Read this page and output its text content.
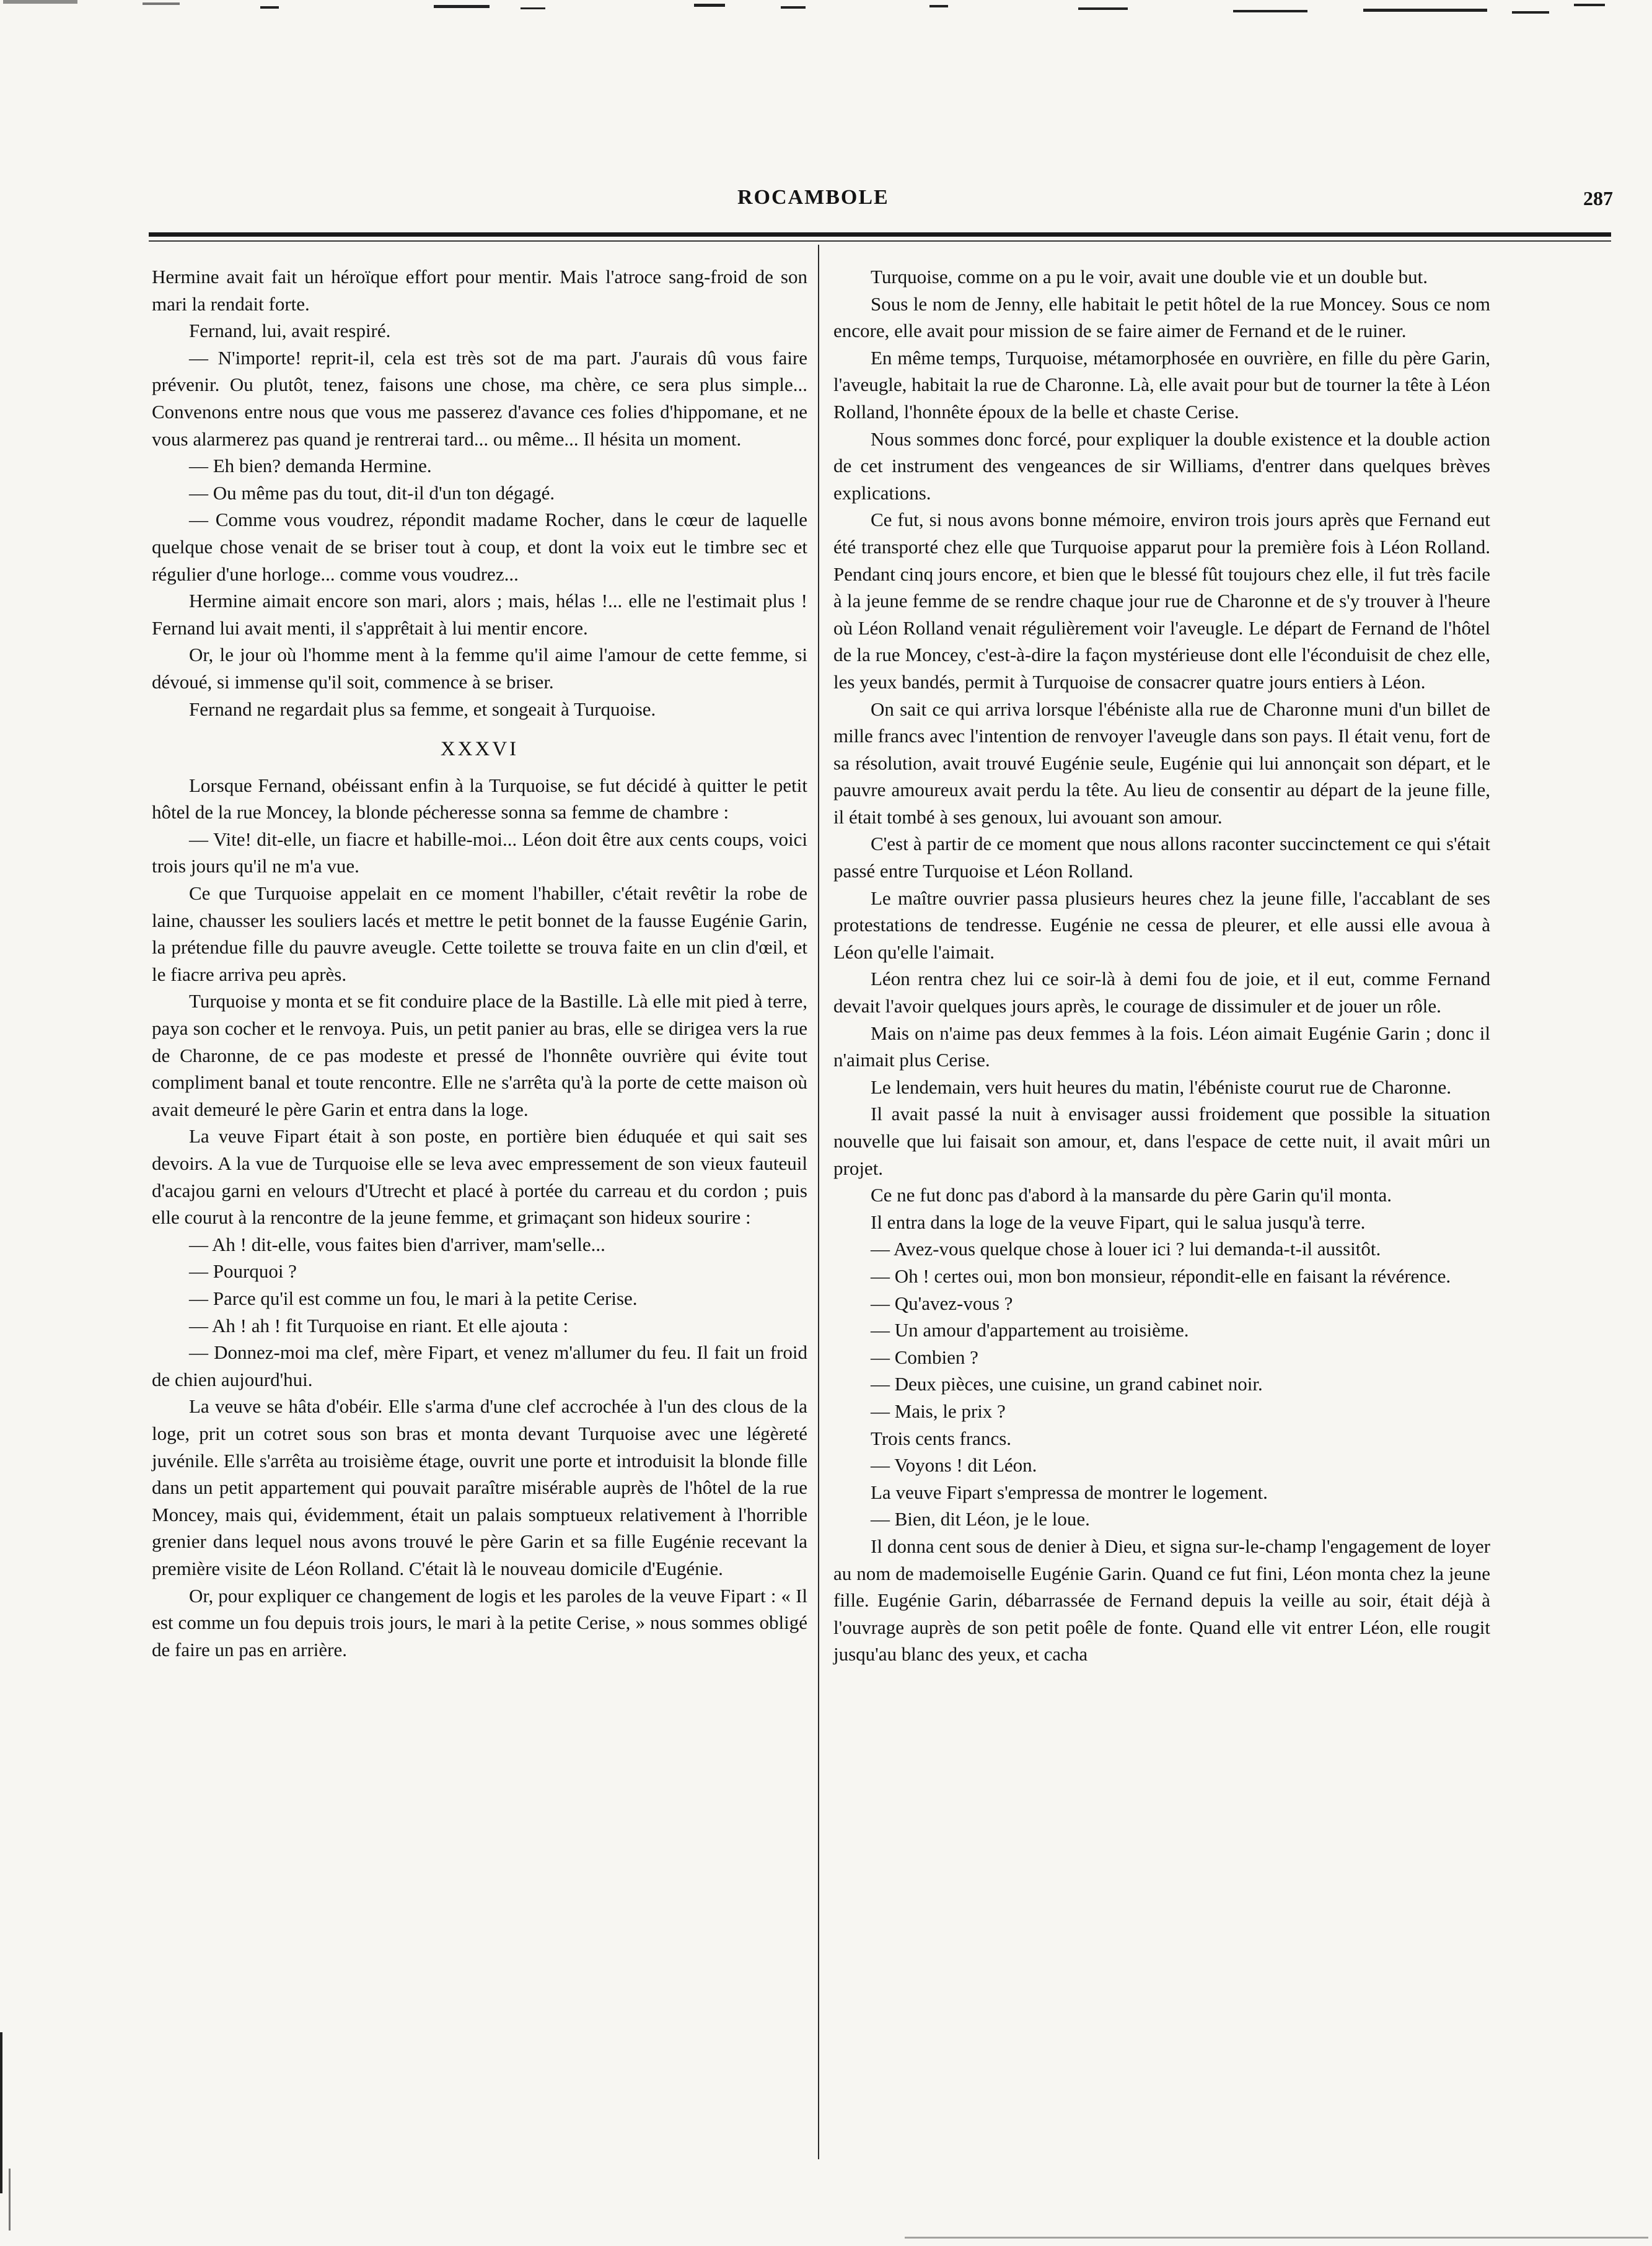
ROCAMBOLE	287

Hermine avait fait un héroïque effort pour mentir. Mais l'atroce sang-froid de son mari la rendait forte.

Fernand, lui, avait respiré.

— N'importe! reprit-il, cela est très sot de ma part. J'aurais dû vous faire prévenir. Ou plutôt, tenez, faisons une chose, ma chère, ce sera plus simple... Convenons entre nous que vous me passerez d'avance ces folies d'hippomane, et ne vous alarmerez pas quand je rentrerai tard... ou même... Il hésita un moment.

— Eh bien? demanda Hermine.

— Ou même pas du tout, dit-il d'un ton dégagé.

— Comme vous voudrez, répondit madame Rocher, dans le cœur de laquelle quelque chose venait de se briser tout à coup, et dont la voix eut le timbre sec et régulier d'une horloge... comme vous voudrez...

Hermine aimait encore son mari, alors ; mais, hélas !... elle ne l'estimait plus ! Fernand lui avait menti, il s'apprêtait à lui mentir encore.

Or, le jour où l'homme ment à la femme qu'il aime l'amour de cette femme, si dévoué, si immense qu'il soit, commence à se briser.

Fernand ne regardait plus sa femme, et songeait à Turquoise.

XXXVI

Lorsque Fernand, obéissant enfin à la Turquoise, se fut décidé à quitter le petit hôtel de la rue Moncey, la blonde pécheresse sonna sa femme de chambre :

— Vite! dit-elle, un fiacre et habille-moi... Léon doit être aux cents coups, voici trois jours qu'il ne m'a vue.

Ce que Turquoise appelait en ce moment l'habiller, c'était revêtir la robe de laine, chausser les souliers lacés et mettre le petit bonnet de la fausse Eugénie Garin, la prétendue fille du pauvre aveugle. Cette toilette se trouva faite en un clin d'œil, et le fiacre arriva peu après.

Turquoise y monta et se fit conduire place de la Bastille. Là elle mit pied à terre, paya son cocher et le renvoya. Puis, un petit panier au bras, elle se dirigea vers la rue de Charonne, de ce pas modeste et pressé de l'honnête ouvrière qui évite tout compliment banal et toute rencontre. Elle ne s'arrêta qu'à la porte de cette maison où avait demeuré le père Garin et entra dans la loge.

La veuve Fipart était à son poste, en portière bien éduquée et qui sait ses devoirs. A la vue de Turquoise elle se leva avec empressement de son vieux fauteuil d'acajou garni en velours d'Utrecht et placé à portée du carreau et du cordon ; puis elle courut à la rencontre de la jeune femme, et grimaçant son hideux sourire :

— Ah ! dit-elle, vous faites bien d'arriver, mam'selle...

— Pourquoi ?

— Parce qu'il est comme un fou, le mari à la petite Cerise.

— Ah ! ah ! fit Turquoise en riant. Et elle ajouta :

— Donnez-moi ma clef, mère Fipart, et venez m'allumer du feu. Il fait un froid de chien aujourd'hui.

La veuve se hâta d'obéir. Elle s'arma d'une clef accrochée à l'un des clous de la loge, prit un cotret sous son bras et monta devant Turquoise avec une légèreté juvénile. Elle s'arrêta au troisième étage, ouvrit une porte et introduisit la blonde fille dans un petit appartement qui pouvait paraître misérable auprès de l'hôtel de la rue Moncey, mais qui, évidemment, était un palais somptueux relativement à l'horrible grenier dans lequel nous avons trouvé le père Garin et sa fille Eugénie recevant la première visite de Léon Rolland. C'était là le nouveau domicile d'Eugénie.

Or, pour expliquer ce changement de logis et les paroles de la veuve Fipart : « Il est comme un fou depuis trois jours, le mari à la petite Cerise, » nous sommes obligé de faire un pas en arrière.

Turquoise, comme on a pu le voir, avait une double vie et un double but.

Sous le nom de Jenny, elle habitait le petit hôtel de la rue Moncey. Sous ce nom encore, elle avait pour mission de se faire aimer de Fernand et de le ruiner.

En même temps, Turquoise, métamorphosée en ouvrière, en fille du père Garin, l'aveugle, habitait la rue de Charonne. Là, elle avait pour but de tourner la tête à Léon Rolland, l'honnête époux de la belle et chaste Cerise.

Nous sommes donc forcé, pour expliquer la double existence et la double action de cet instrument des vengeances de sir Williams, d'entrer dans quelques brèves explications.

Ce fut, si nous avons bonne mémoire, environ trois jours après que Fernand eut été transporté chez elle que Turquoise apparut pour la première fois à Léon Rolland. Pendant cinq jours encore, et bien que le blessé fût toujours chez elle, il fut très facile à la jeune femme de se rendre chaque jour rue de Charonne et de s'y trouver à l'heure où Léon Rolland venait régulièrement voir l'aveugle. Le départ de Fernand de l'hôtel de la rue Moncey, c'est-à-dire la façon mystérieuse dont elle l'éconduisit de chez elle, les yeux bandés, permit à Turquoise de consacrer quatre jours entiers à Léon.

On sait ce qui arriva lorsque l'ébéniste alla rue de Charonne muni d'un billet de mille francs avec l'intention de renvoyer l'aveugle dans son pays. Il était venu, fort de sa résolution, avait trouvé Eugénie seule, Eugénie qui lui annonçait son départ, et le pauvre amoureux avait perdu la tête. Au lieu de consentir au départ de la jeune fille, il était tombé à ses genoux, lui avouant son amour.

C'est à partir de ce moment que nous allons raconter succinctement ce qui s'était passé entre Turquoise et Léon Rolland.

Le maître ouvrier passa plusieurs heures chez la jeune fille, l'accablant de ses protestations de tendresse. Eugénie ne cessa de pleurer, et elle aussi elle avoua à Léon qu'elle l'aimait.

Léon rentra chez lui ce soir-là à demi fou de joie, et il eut, comme Fernand devait l'avoir quelques jours après, le courage de dissimuler et de jouer un rôle.

Mais on n'aime pas deux femmes à la fois. Léon aimait Eugénie Garin ; donc il n'aimait plus Cerise.

Le lendemain, vers huit heures du matin, l'ébéniste courut rue de Charonne.

Il avait passé la nuit à envisager aussi froidement que possible la situation nouvelle que lui faisait son amour, et, dans l'espace de cette nuit, il avait mûri un projet.

Ce ne fut donc pas d'abord à la mansarde du père Garin qu'il monta.

Il entra dans la loge de la veuve Fipart, qui le salua jusqu'à terre.

— Avez-vous quelque chose à louer ici ? lui demanda-t-il aussitôt.

— Oh ! certes oui, mon bon monsieur, répondit-elle en faisant la révérence.

— Qu'avez-vous ?

— Un amour d'appartement au troisième.

— Combien ?

— Deux pièces, une cuisine, un grand cabinet noir.

— Mais, le prix ?

Trois cents francs.

— Voyons ! dit Léon.

La veuve Fipart s'empressa de montrer le logement.

— Bien, dit Léon, je le loue.

Il donna cent sous de denier à Dieu, et signa sur-le-champ l'engagement de loyer au nom de mademoiselle Eugénie Garin. Quand ce fut fini, Léon monta chez la jeune fille. Eugénie Garin, débarrassée de Fernand depuis la veille au soir, était déjà à l'ouvrage auprès de son petit poêle de fonte. Quand elle vit entrer Léon, elle rougit jusqu'au blanc des yeux, et cacha
